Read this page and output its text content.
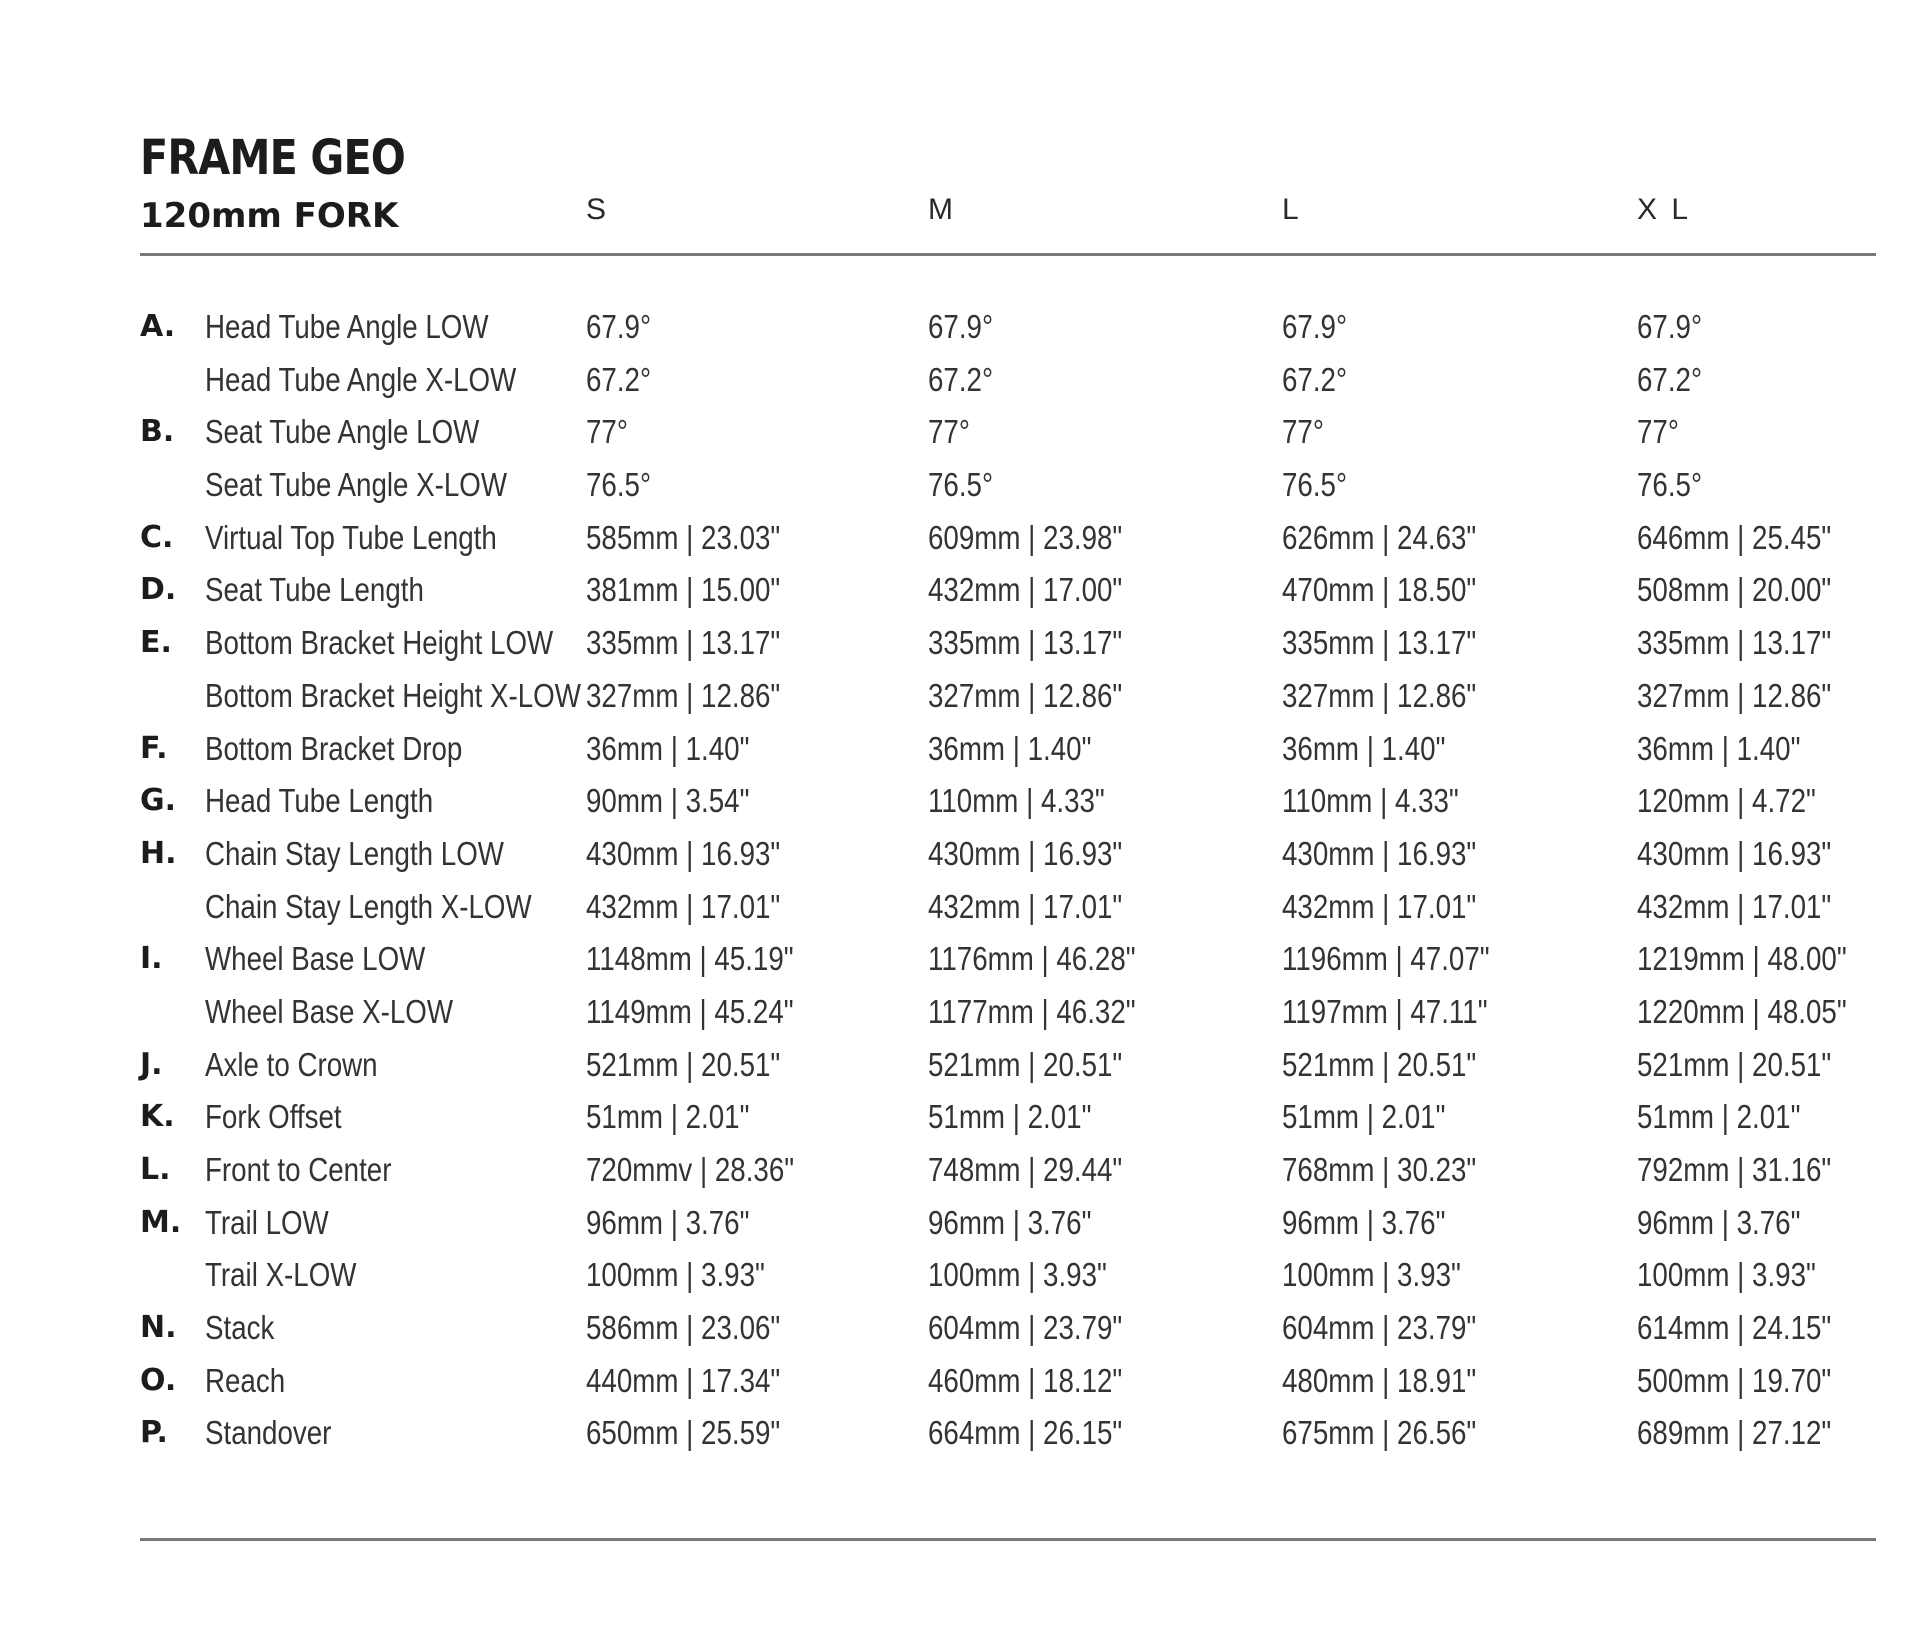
FRAME GEO
120mm FORK	S	M	L	X L
A. Head Tube Angle LOW	67.9°	67.9°	67.9°	67.9°
Head Tube Angle X-LOW 67.2°	67.2°	67.2°	67.2°
B. Seat Tube Angle LOW	77°	77°	77°	77°
Seat Tube Angle X-LOW 76.5°	76.5°	76.5°	76.5°
C. Virtual Top Tube Length	585mm | 23.03"	609mm | 23.98"	626mm | 24.63"	646mm | 25.45"
D. Seat Tube Length	381mm | 15.00"	432mm | 17.00"	470mm | 18.50"	508mm | 20.00"
E. Bottom Bracket Height LOW 335mm | 13.17"	335mm | 13.17"	335mm | 13.17"	335mm | 13.17"
Bottom Bracket Height X-LOW 327mm | 12.86"	327mm | 12.86"	327mm | 12.86"	327mm | 12.86"
F. Bottom Bracket Drop	36mm | 1.40"	36mm | 1.40"	36mm | 1.40"	36mm | 1.40"
G. Head Tube Length	90mm | 3.54"	110mm | 4.33"	110mm | 4.33"	120mm | 4.72"
H. Chain Stay Length LOW 430mm | 16.93"	430mm | 16.93"	430mm | 16.93"	430mm | 16.93"
Chain Stay Length X-LOW 432mm | 17.01"	432mm | 17.01"	432mm | 17.01"	432mm | 17.01"
I. Wheel Base LOW	1148mm | 45.19"	1176mm | 46.28"	1196mm | 47.07"	1219mm | 48.00"
Wheel Base X-LOW	1149mm | 45.24"	1177mm | 46.32"	1197mm | 47.11"	1220mm | 48.05"
J. Axle to Crown	521mm | 20.51"	521mm | 20.51"	521mm | 20.51"	521mm | 20.51"
K. Fork Offset	51mm | 2.01"	51mm | 2.01"	51mm | 2.01"	51mm | 2.01"
L. Front to Center	720mmv | 28.36"	748mm | 29.44"	768mm | 30.23"	792mm | 31.16"
M. Trail LOW	96mm | 3.76"	96mm | 3.76"	96mm | 3.76"	96mm | 3.76"
Trail X-LOW	100mm | 3.93"	100mm | 3.93"	100mm | 3.93"	100mm | 3.93"
N. Stack	586mm | 23.06"	604mm | 23.79"	604mm | 23.79"	614mm | 24.15"
O. Reach	440mm | 17.34"	460mm | 18.12"	480mm | 18.91"	500mm | 19.70"
P. Standover	650mm | 25.59"	664mm | 26.15"	675mm | 26.56"	689mm | 27.12"
